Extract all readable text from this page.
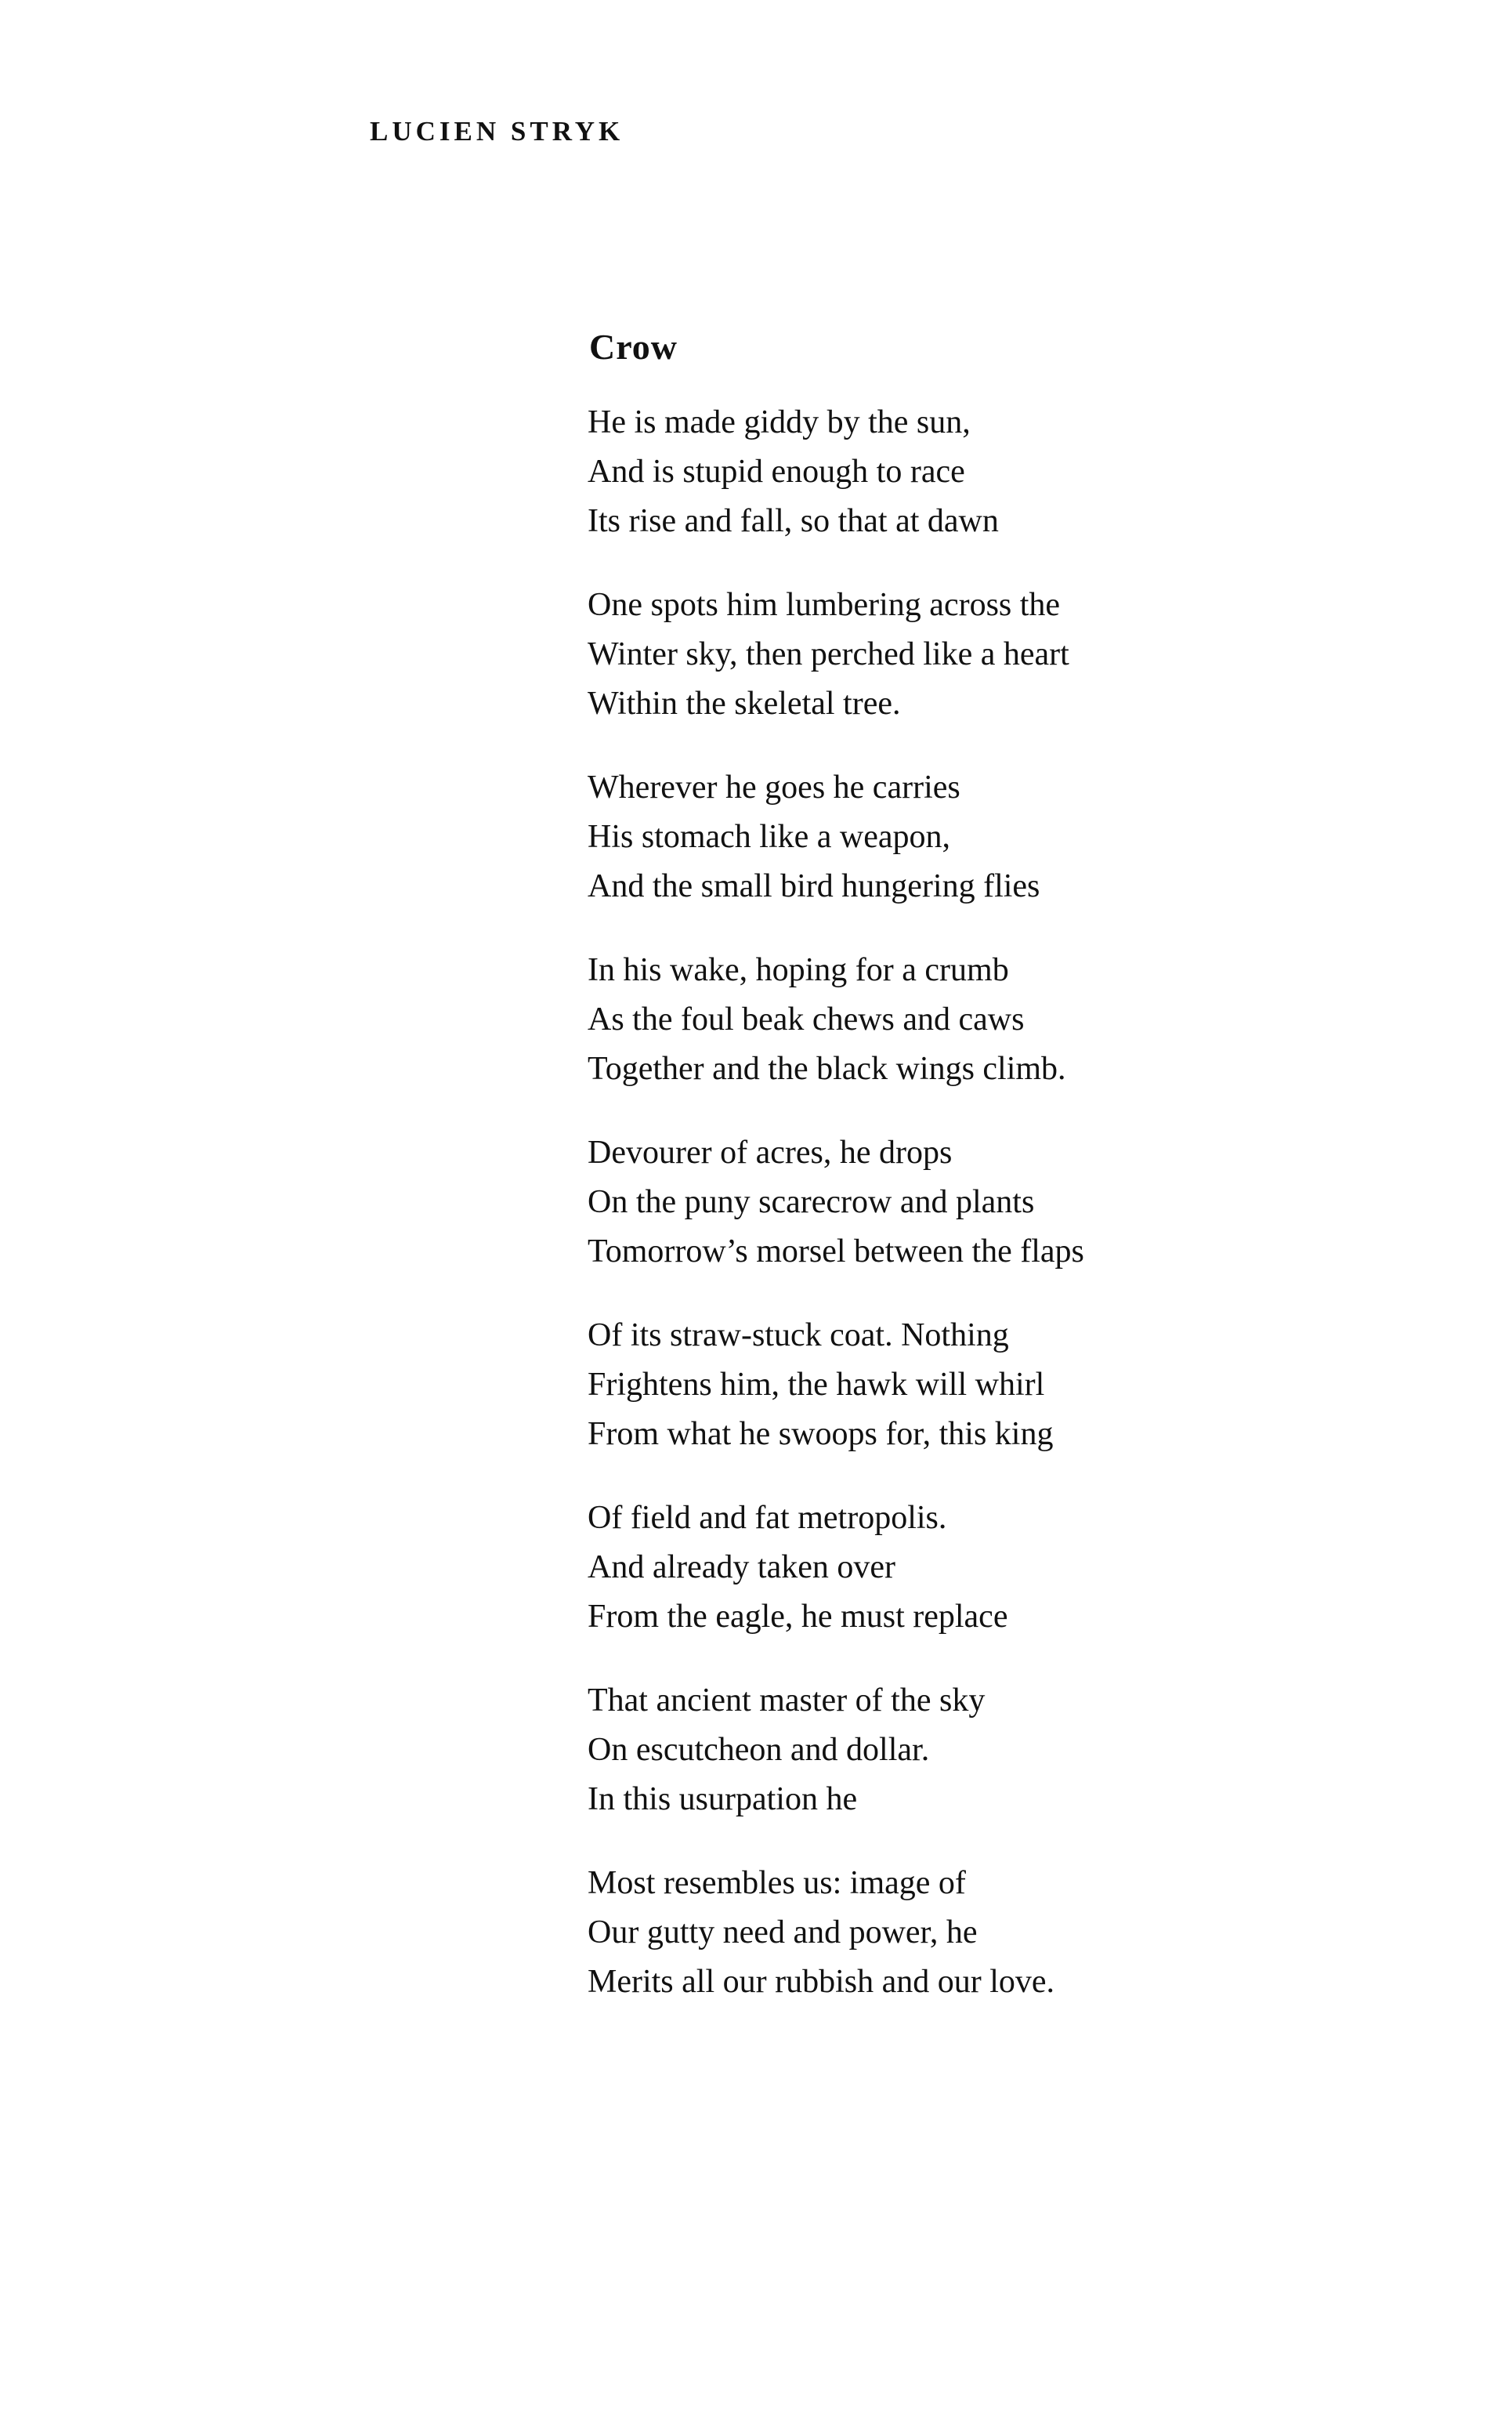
LUCIEN STRYK
Crow
He is made giddy by the sun,
And is stupid enough to race
Its rise and fall, so that at dawn
One spots him lumbering across the
Winter sky, then perched like a heart
Within the skeletal tree.
Wherever he goes he carries
His stomach like a weapon,
And the small bird hungering flies
In his wake, hoping for a crumb
As the foul beak chews and caws
Together and the black wings climb.
Devourer of acres, he drops
On the puny scarecrow and plants
Tomorrow’s morsel between the flaps
Of its straw-stuck coat. Nothing
Frightens him, the hawk will whirl
From what he swoops for, this king
Of field and fat metropolis.
And already taken over
From the eagle, he must replace
That ancient master of the sky
On escutcheon and dollar.
In this usurpation he
Most resembles us: image of
Our gutty need and power, he
Merits all our rubbish and our love.
